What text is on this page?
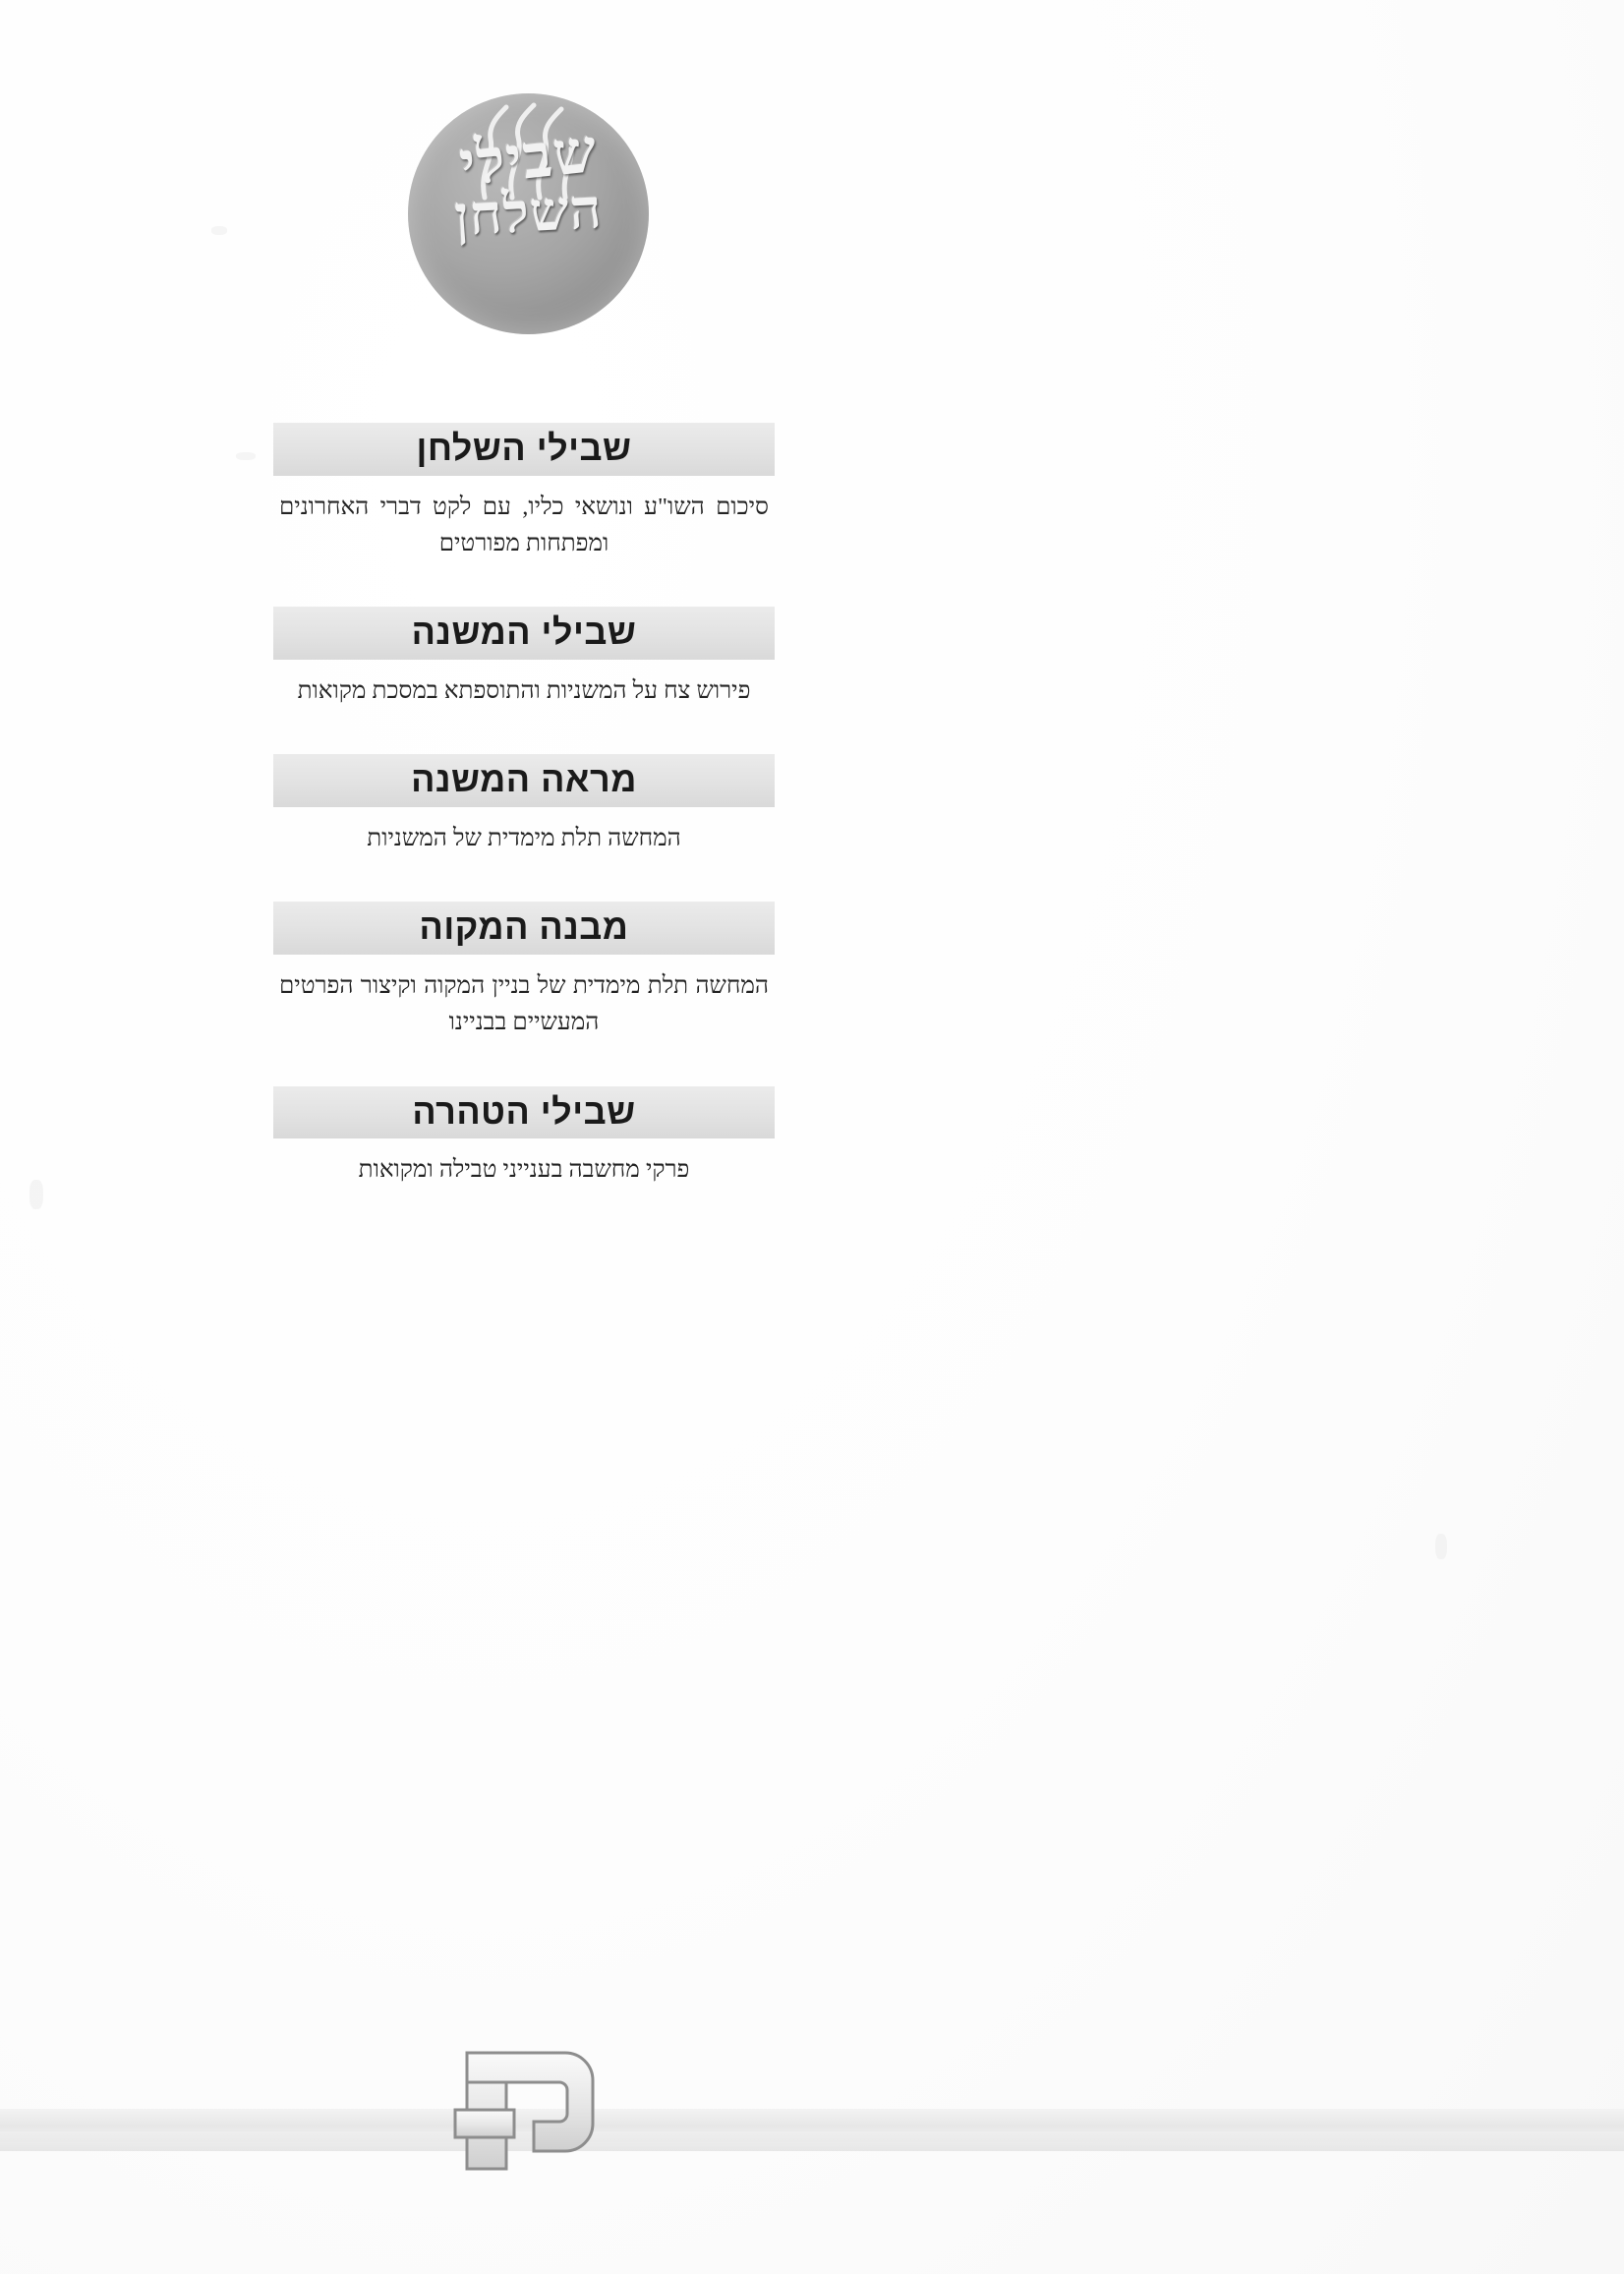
שבילי
השלחן
שבילי השלחן
סיכום השו"ע ונושאי כליו, עם לקט דברי האחרונים ומפתחות מפורטים
שבילי המשנה
פירוש צח על המשניות והתוספתא במסכת מקואות
מראה המשנה
המחשה תלת מימדית של המשניות
מבנה המקוה
המחשה תלת מימדית של בניין המקוה וקיצור הפרטים המעשיים בבניינו
שבילי הטהרה
פרקי מחשבה בענייני טבילה ומקואות
